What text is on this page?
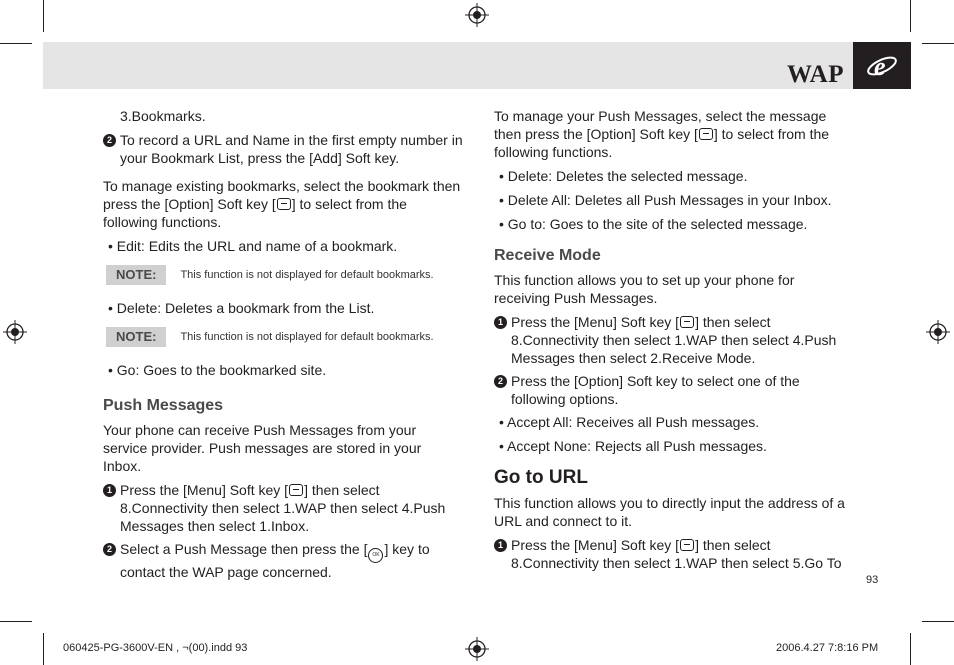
WAP e
3.Bookmarks.
2 To record a URL and Name in the first empty number in your Bookmark List, press the [Add] Soft key.
To manage existing bookmarks, select the bookmark then press the [Option] Soft key [ ] to select from the following functions.
• Edit: Edits the URL and name of a bookmark.
NOTE:	This function is not displayed for default bookmarks.
• Delete: Deletes a bookmark from the List.
NOTE:	This function is not displayed for default bookmarks.
• Go: Goes to the bookmarked site.
Push Messages
Your phone can receive Push Messages from your service provider. Push messages are stored in your Inbox.
1 Press the [Menu] Soft key [ ] then select 8.Connectivity then select 1.WAP then select 4.Push Messages then select 1.Inbox.
2 Select a Push Message then press the [ OK ] key to contact the WAP page concerned.
To manage your Push Messages, select the message then press the [Option] Soft key [ ] to select from the following functions.
• Delete: Deletes the selected message.
• Delete All: Deletes all Push Messages in your Inbox.
• Go to: Goes to the site of the selected message.
Receive Mode
This function allows you to set up your phone for receiving Push Messages.
1 Press the [Menu] Soft key [ ] then select 8.Connectivity then select 1.WAP then select 4.Push Messages then select 2.Receive Mode.
2 Press the [Option] Soft key to select one of the following options.
• Accept All: Receives all Push messages.
• Accept None: Rejects all Push messages.
Go to URL
This function allows you to directly input the address of a URL and connect to it.
1 Press the [Menu] Soft key [ ] then select 8.Connectivity then select 1.WAP then select 5.Go To
93
060425-PG-3600V-EN , ¬(00).indd 93	2006.4.27 7:8:16 PM
